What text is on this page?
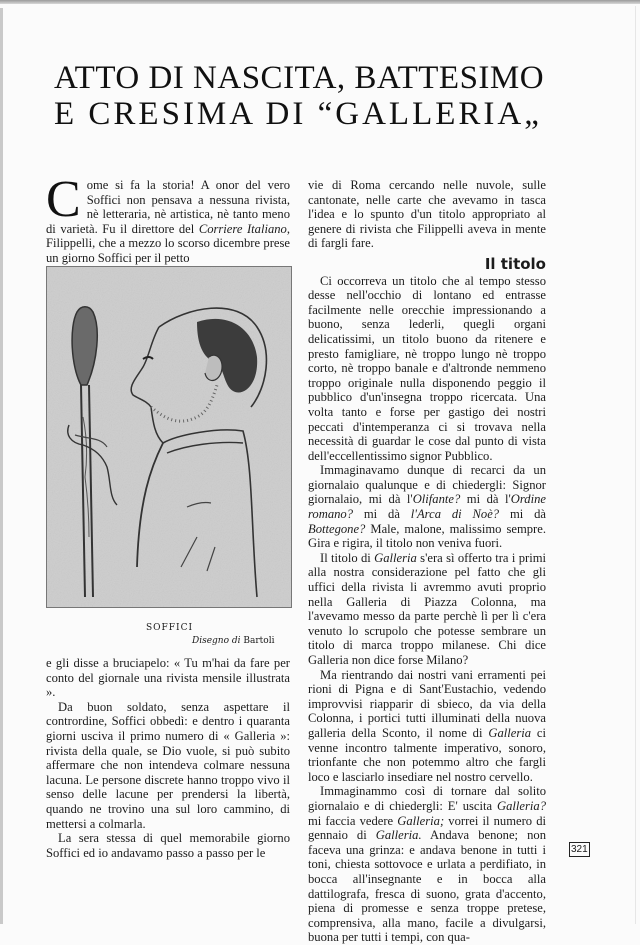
ATTO DI NASCITA, BATTESIMO
E CRESIMA DI “GALLERIA„

Come si fa la storia! A onor del vero Soffici non pensava a nessuna rivista, nè letteraria, nè artistica, nè tanto meno di varietà. Fu il direttore del Corriere Italiano, Filippelli, che a mezzo lo scorso dicembre prese un giorno Soffici per il petto

SOFFICI
Disegno di Bartoli

e gli disse a bruciapelo: « Tu m'hai da fare per conto del giornale una rivista mensile illustrata ».

Da buon soldato, senza aspettare il contrordine, Soffici obbedì: e dentro i quaranta giorni usciva il primo numero di « Galleria »: rivista della quale, se Dio vuole, si può subito affermare che non intendeva colmare nessuna lacuna. Le persone discrete hanno troppo vivo il senso delle lacune per prendersi la libertà, quando ne trovino una sul loro cammino, di mettersi a colmarla.

La sera stessa di quel memorabile giorno Soffici ed io andavamo passo a passo per le

vie di Roma cercando nelle nuvole, sulle cantonate, nelle carte che avevamo in tasca l'idea e lo spunto d'un titolo appropriato al genere di rivista che Filippelli aveva in mente di fargli fare.

Il titolo

Ci occorreva un titolo che al tempo stesso desse nell'occhio di lontano ed entrasse facilmente nelle orecchie impressionando a buono, senza lederli, quegli organi delicatissimi, un titolo buono da ritenere e presto famigliare, nè troppo lungo nè troppo corto, nè troppo banale e d'altronde nemmeno troppo originale nulla disponendo peggio il pubblico d'un'insegna troppo ricercata. Una volta tanto e forse per gastigo dei nostri peccati d'intemperanza ci si trovava nella necessità di guardar le cose dal punto di vista dell'eccellentissimo signor Pubblico.

Immaginavamo dunque di recarci da un giornalaio qualunque e di chiedergli: Signor giornalaio, mi dà l'Olifante? mi dà l'Ordine romano? mi dà l'Arca di Noè? mi dà Bottegone? Male, malone, malissimo sempre. Gira e rigira, il titolo non veniva fuori.

Il titolo di Galleria s'era sì offerto tra i primi alla nostra considerazione pel fatto che gli uffici della rivista li avremmo avuti proprio nella Galleria di Piazza Colonna, ma l'avevamo messo da parte perchè lì per lì c'era venuto lo scrupolo che potesse sembrare un titolo di marca troppo milanese. Chi dice Galleria non dice forse Milano?

Ma rientrando dai nostri vani erramenti pei rioni di Pigna e di Sant'Eustachio, vedendo improvvisi riapparir di sbieco, da via della Colonna, i portici tutti illuminati della nuova galleria della Sconto, il nome di Galleria ci venne incontro talmente imperativo, sonoro, trionfante che non potemmo altro che fargli loco e lasciarlo insediare nel nostro cervello.

Immaginammo così di tornare dal solito giornalaio e di chiedergli: E' uscita Galleria? mi faccia vedere Galleria; vorrei il numero di gennaio di Galleria. Andava benone; non faceva una grinza: e andava benone in tutti i toni, chiesta sottovoce e urlata a perdifiato, in bocca all'insegnante e in bocca alla dattilografa, fresca di suono, grata d'accento, piena di promesse e senza troppe pretese, comprensiva, alla mano, facile a divulgarsi, buona per tutti i tempi, con qua-

321
